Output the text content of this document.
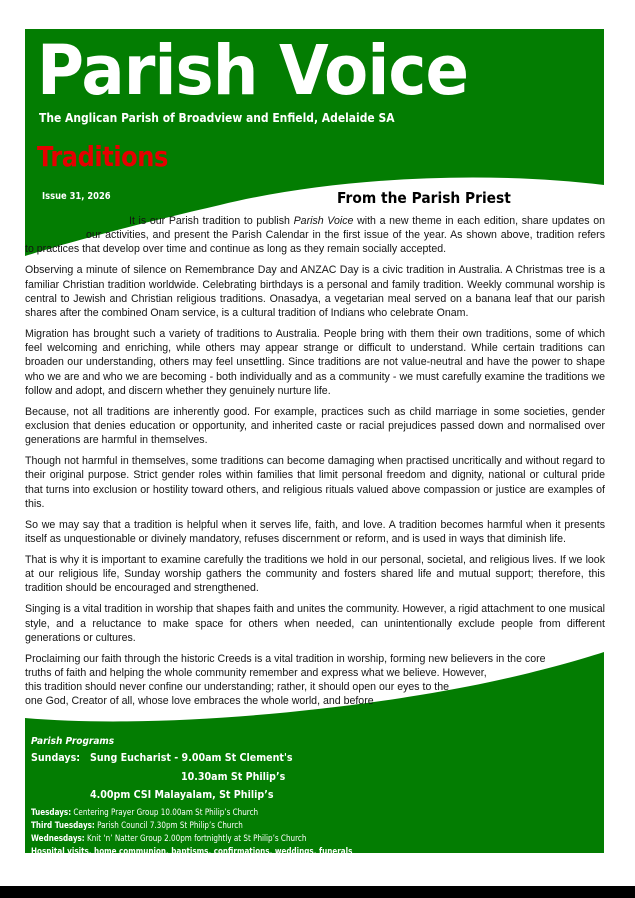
Parish Voice
The Anglican Parish of Broadview and Enfield, Adelaide SA
Traditions
Issue 31, 2026	From the Parish Priest

It is our Parish tradition to publish Parish Voice with a new theme in each edition, share updates on
our activities, and present the Parish Calendar in the first issue of the year. As shown above, tradition refers
to practices that develop over time and continue as long as they remain socially accepted.

Observing a minute of silence on Remembrance Day and ANZAC Day is a civic tradition in Australia. A Christmas tree is a familiar Christian tradition worldwide. Celebrating birthdays is a personal and family tradition. Weekly communal worship is central to Jewish and Christian religious traditions. Onasadya, a vegetarian meal served on a banana leaf that our parish shares after the combined Onam service, is a cultural tradition of Indians who celebrate Onam.

Migration has brought such a variety of traditions to Australia. People bring with them their own traditions, some of which feel welcoming and enriching, while others may appear strange or difficult to understand. While certain traditions can broaden our understanding, others may feel unsettling. Since traditions are not value-neutral and have the power to shape who we are and who we are becoming - both individually and as a community - we must carefully examine the traditions we follow and adopt, and discern whether they genuinely nurture life.

Because, not all traditions are inherently good. For example, practices such as child marriage in some societies, gender exclusion that denies education or opportunity, and inherited caste or racial prejudices passed down and normalised over generations are harmful in themselves.

Though not harmful in themselves, some traditions can become damaging when practised uncritically and without regard to their original purpose. Strict gender roles within families that limit personal freedom and dignity, national or cultural pride that turns into exclusion or hostility toward others, and religious rituals valued above compassion or justice are examples of this.

So we may say that a tradition is helpful when it serves life, faith, and love. A tradition becomes harmful when it presents itself as unquestionable or divinely mandatory, refuses discernment or reform, and is used in ways that diminish life.

That is why it is important to examine carefully the traditions we hold in our personal, societal, and religious lives. If we look at our religious life, Sunday worship gathers the community and fosters shared life and mutual support; therefore, this tradition should be encouraged and strengthened.

Singing is a vital tradition in worship that shapes faith and unites the community. However, a rigid attachment to one musical style, and a reluctance to make space for others when needed, can unintentionally exclude people from different generations or cultures.

Proclaiming our faith through the historic Creeds is a vital tradition in worship, forming new believers in the core
truths of faith and helping the whole community remember and express what we believe. However,
this tradition should never confine our understanding; rather, it should open our eyes to the
one God, Creator of all, whose love embraces the whole world, and before

Parish Programs
Sundays: Sung Eucharist - 9.00am St Clement's
10.30am St Philip’s
4.00pm CSI Malayalam, St Philip’s
Tuesdays: Centering Prayer Group 10.00am St Philip’s Church
Third Tuesdays: Parish Council 7.30pm St Philip’s Church
Wednesdays: Knit ‘n’ Natter Group 2.00pm fortnightly at St Philip’s Church
Hospital visits, home communion, baptisms, confirmations, weddings, funerals
